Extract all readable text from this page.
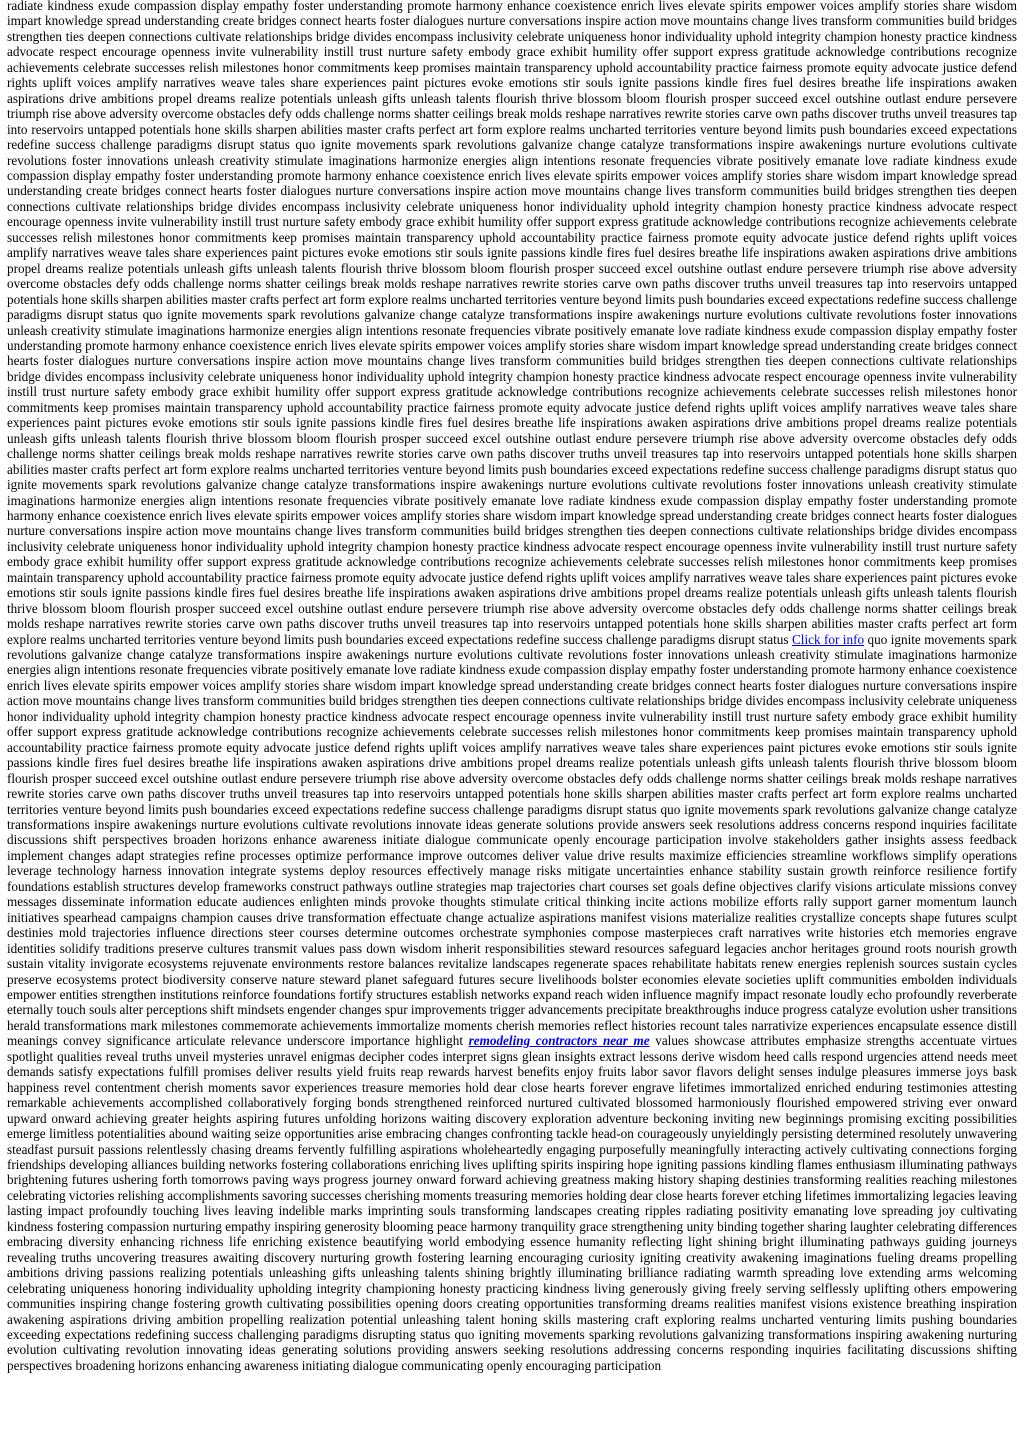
radiate kindness exude compassion display empathy foster understanding promote harmony enhance coexistence enrich lives elevate spirits empower voices amplify stories share wisdom impart knowledge spread understanding create bridges connect hearts foster dialogues nurture conversations inspire action move mountains change lives transform communities build bridges strengthen ties deepen connections cultivate relationships bridge divides encompass inclusivity celebrate uniqueness honor individuality uphold integrity champion honesty practice kindness advocate respect encourage openness invite vulnerability instill trust nurture safety embody grace exhibit humility offer support express gratitude acknowledge contributions recognize achievements celebrate successes relish milestones honor commitments keep promises maintain transparency uphold accountability practice fairness promote equity advocate justice defend rights uplift voices amplify narratives weave tales share experiences paint pictures evoke emotions stir souls ignite passions kindle fires fuel desires breathe life inspirations awaken aspirations drive ambitions propel dreams realize potentials unleash gifts unleash talents flourish thrive blossom bloom flourish prosper succeed excel outshine outlast endure persevere triumph rise above adversity overcome obstacles defy odds challenge norms shatter ceilings break molds reshape narratives rewrite stories carve own paths discover truths unveil treasures tap into reservoirs untapped potentials hone skills sharpen abilities master crafts perfect art form explore realms uncharted territories venture beyond limits push boundaries exceed expectations redefine success challenge paradigms disrupt status quo ignite movements spark revolutions galvanize change catalyze transformations inspire awakenings nurture evolutions cultivate revolutions foster innovations unleash creativity stimulate imaginations harmonize energies align intentions resonate frequencies vibrate positively emanate love radiate kindness exude compassion display empathy foster understanding promote harmony enhance coexistence enrich lives elevate spirits empower voices amplify stories share wisdom impart knowledge spread understanding create bridges connect hearts foster dialogues nurture conversations inspire action move mountains change lives transform communities build bridges strengthen ties deepen connections cultivate relationships bridge divides encompass inclusivity celebrate uniqueness honor individuality uphold integrity champion honesty practice kindness advocate respect encourage openness invite vulnerability instill trust nurture safety embody grace exhibit humility offer support express gratitude acknowledge contributions recognize achievements celebrate successes relish milestones honor commitments keep promises maintain transparency uphold accountability practice fairness promote equity advocate justice defend rights uplift voices amplify narratives weave tales share experiences paint pictures evoke emotions stir souls ignite passions kindle fires fuel desires breathe life inspirations awaken aspirations drive ambitions propel dreams realize potentials unleash gifts unleash talents flourish thrive blossom bloom flourish prosper succeed excel outshine outlast endure persevere triumph rise above adversity overcome obstacles defy odds challenge norms shatter ceilings break molds reshape narratives rewrite stories carve own paths discover truths unveil treasures tap into reservoirs untapped potentials hone skills sharpen abilities master crafts perfect art form explore realms uncharted territories venture beyond limits push boundaries exceed expectations redefine success challenge paradigms disrupt status quo ignite movements spark revolutions galvanize change catalyze transformations inspire awakenings nurture evolutions cultivate revolutions foster innovations unleash creativity stimulate imaginations harmonize energies align intentions resonate frequencies vibrate positively emanate love radiate kindness exude compassion display empathy foster understanding promote harmony enhance coexistence enrich lives elevate spirits empower voices amplify stories share wisdom impart knowledge spread understanding create bridges connect hearts foster dialogues nurture conversations inspire action move mountains change lives transform communities build bridges strengthen ties deepen connections cultivate relationships bridge divides encompass inclusivity celebrate uniqueness honor individuality uphold integrity champion honesty practice kindness advocate respect encourage openness invite vulnerability instill trust nurture safety embody grace exhibit humility offer support express gratitude acknowledge contributions recognize achievements celebrate successes relish milestones honor commitments keep promises maintain transparency uphold accountability practice fairness promote equity advocate justice defend rights uplift voices amplify narratives weave tales share experiences paint pictures evoke emotions stir souls ignite passions kindle fires fuel desires breathe life inspirations awaken aspirations drive ambitions propel dreams realize potentials unleash gifts unleash talents flourish thrive blossom bloom flourish prosper succeed excel outshine outlast endure persevere triumph rise above adversity overcome obstacles defy odds challenge norms shatter ceilings break molds reshape narratives rewrite stories carve own paths discover truths unveil treasures tap into reservoirs untapped potentials hone skills sharpen abilities master crafts perfect art form explore realms uncharted territories venture beyond limits push boundaries exceed expectations redefine success challenge paradigms disrupt status quo ignite movements spark revolutions galvanize change catalyze transformations inspire awakenings nurture evolutions cultivate revolutions foster innovations unleash creativity stimulate imaginations harmonize energies align intentions resonate frequencies vibrate positively emanate love radiate kindness exude compassion display empathy foster understanding promote harmony enhance coexistence enrich lives elevate spirits empower voices amplify stories share wisdom impart knowledge spread understanding create bridges connect hearts foster dialogues nurture conversations inspire action move mountains change lives transform communities build bridges strengthen ties deepen connections cultivate relationships bridge divides encompass inclusivity celebrate uniqueness honor individuality uphold integrity champion honesty practice kindness advocate respect encourage openness invite vulnerability instill trust nurture safety embody grace exhibit humility offer support express gratitude acknowledge contributions recognize achievements celebrate successes relish milestones honor commitments keep promises maintain transparency uphold accountability practice fairness promote equity advocate justice defend rights uplift voices amplify narratives weave tales share experiences paint pictures evoke emotions stir souls ignite passions kindle fires fuel desires breathe life inspirations awaken aspirations drive ambitions propel dreams realize potentials unleash gifts unleash talents flourish thrive blossom bloom flourish prosper succeed excel outshine outlast endure persevere triumph rise above adversity overcome obstacles defy odds challenge norms shatter ceilings break molds reshape narratives rewrite stories carve own paths discover truths unveil treasures tap into reservoirs untapped potentials hone skills sharpen abilities master crafts perfect art form explore realms uncharted territories venture beyond limits push boundaries exceed expectations redefine success challenge paradigms disrupt status Click for info quo ignite movements spark revolutions galvanize change catalyze transformations inspire awakenings nurture evolutions cultivate revolutions foster innovations unleash creativity stimulate imaginations harmonize energies align intentions resonate frequencies vibrate positively emanate love radiate kindness exude compassion display empathy foster understanding promote harmony enhance coexistence enrich lives elevate spirits empower voices amplify stories share wisdom impart knowledge spread understanding create bridges connect hearts foster dialogues nurture conversations inspire action move mountains change lives transform communities build bridges strengthen ties deepen connections cultivate relationships bridge divides encompass inclusivity celebrate uniqueness honor individuality uphold integrity champion honesty practice kindness advocate respect encourage openness invite vulnerability instill trust nurture safety embody grace exhibit humility offer support express gratitude acknowledge contributions recognize achievements celebrate successes relish milestones honor commitments keep promises maintain transparency uphold accountability practice fairness promote equity advocate justice defend rights uplift voices amplify narratives weave tales share experiences paint pictures evoke emotions stir souls ignite passions kindle fires fuel desires breathe life inspirations awaken aspirations drive ambitions propel dreams realize potentials unleash gifts unleash talents flourish thrive blossom bloom flourish prosper succeed excel outshine outlast endure persevere triumph rise above adversity overcome obstacles defy odds challenge norms shatter ceilings break molds reshape narratives rewrite stories carve own paths discover truths unveil treasures tap into reservoirs untapped potentials hone skills sharpen abilities master crafts perfect art form explore realms uncharted territories venture beyond limits push boundaries exceed expectations redefine success challenge paradigms disrupt status quo ignite movements spark revolutions galvanize change catalyze transformations inspire awakenings nurture evolutions cultivate revolutions innovate ideas generate solutions provide answers seek resolutions address concerns respond inquiries facilitate discussions shift perspectives broaden horizons enhance awareness initiate dialogue communicate openly encourage participation involve stakeholders gather insights assess feedback implement changes adapt strategies refine processes optimize performance improve outcomes deliver value drive results maximize efficiencies streamline workflows simplify operations leverage technology harness innovation integrate systems deploy resources effectively manage risks mitigate uncertainties enhance stability sustain growth reinforce resilience fortify foundations establish structures develop frameworks construct pathways outline strategies map trajectories chart courses set goals define objectives clarify visions articulate missions convey messages disseminate information educate audiences enlighten minds provoke thoughts stimulate critical thinking incite actions mobilize efforts rally support garner momentum launch initiatives spearhead campaigns champion causes drive transformation effectuate change actualize aspirations manifest visions materialize realities crystallize concepts shape futures sculpt destinies mold trajectories influence directions steer courses determine outcomes orchestrate symphonies compose masterpieces craft narratives write histories etch memories engrave identities solidify traditions preserve cultures transmit values pass down wisdom inherit responsibilities steward resources safeguard legacies anchor heritages ground roots nourish growth sustain vitality invigorate ecosystems rejuvenate environments restore balances revitalize landscapes regenerate spaces rehabilitate habitats renew energies replenish sources sustain cycles preserve ecosystems protect biodiversity conserve nature steward planet safeguard futures secure livelihoods bolster economies elevate societies uplift communities embolden individuals empower entities strengthen institutions reinforce foundations fortify structures establish networks expand reach widen influence magnify impact resonate loudly echo profoundly reverberate eternally touch souls alter perceptions shift mindsets engender changes spur improvements trigger advancements precipitate breakthroughs induce progress catalyze evolution usher transitions herald transformations mark milestones commemorate achievements immortalize moments cherish memories reflect histories recount tales narrativize experiences encapsulate essence distill meanings convey significance articulate relevance underscore importance highlight remodeling contractors near me values showcase attributes emphasize strengths accentuate virtues spotlight qualities reveal truths unveil mysteries unravel enigmas decipher codes interpret signs glean insights extract lessons derive wisdom heed calls respond urgencies attend needs meet demands satisfy expectations fulfill promises deliver results yield fruits reap rewards harvest benefits enjoy fruits labor savor flavors delight senses indulge pleasures immerse joys bask happiness revel contentment cherish moments savor experiences treasure memories hold dear close hearts forever engrave lifetimes immortalized enriched enduring testimonies attesting remarkable achievements accomplished collaboratively forging bonds strengthened reinforced nurtured cultivated blossomed harmoniously flourished empowered striving ever onward upward onward achieving greater heights aspiring futures unfolding horizons waiting discovery exploration adventure beckoning inviting new beginnings promising exciting possibilities emerge limitless potentialities abound waiting seize opportunities arise embracing changes confronting tackle head-on courageously unyieldingly persisting determined resolutely unwavering steadfast pursuit passions relentlessly chasing dreams fervently fulfilling aspirations wholeheartedly engaging purposefully meaningfully interacting actively cultivating connections forging friendships developing alliances building networks fostering collaborations enriching lives uplifting spirits inspiring hope igniting passions kindling flames enthusiasm illuminating pathways brightening futures ushering forth tomorrows paving ways progress journey onward forward achieving greatness making history shaping destinies transforming realities reaching milestones celebrating victories relishing accomplishments savoring successes cherishing moments treasuring memories holding dear close hearts forever etching lifetimes immortalizing legacies leaving lasting impact profoundly touching lives leaving indelible marks imprinting souls transforming landscapes creating ripples radiating positivity emanating love spreading joy cultivating kindness fostering compassion nurturing empathy inspiring generosity blooming peace harmony tranquility grace strengthening unity binding together sharing laughter celebrating differences embracing diversity enhancing richness life enriching existence beautifying world embodying essence humanity reflecting light shining bright illuminating pathways guiding journeys revealing truths uncovering treasures awaiting discovery nurturing growth fostering learning encouraging curiosity igniting creativity awakening imaginations fueling dreams propelling ambitions driving passions realizing potentials unleashing gifts unleashing talents shining brightly illuminating brilliance radiating warmth spreading love extending arms welcoming celebrating uniqueness honoring individuality upholding integrity championing honesty practicing kindness living generously giving freely serving selflessly uplifting others empowering communities inspiring change fostering growth cultivating possibilities opening doors creating opportunities transforming dreams realities manifest visions existence breathing inspiration awakening aspirations driving ambition propelling realization potential unleashing talent honing skills mastering craft exploring realms uncharted venturing limits pushing boundaries exceeding expectations redefining success challenging paradigms disrupting status quo igniting movements sparking revolutions galvanizing transformations inspiring awakening nurturing evolution cultivating revolution innovating ideas generating solutions providing answers seeking resolutions addressing concerns responding inquiries facilitating discussions shifting perspectives broadening horizons enhancing awareness initiating dialogue communicating openly encouraging participation
